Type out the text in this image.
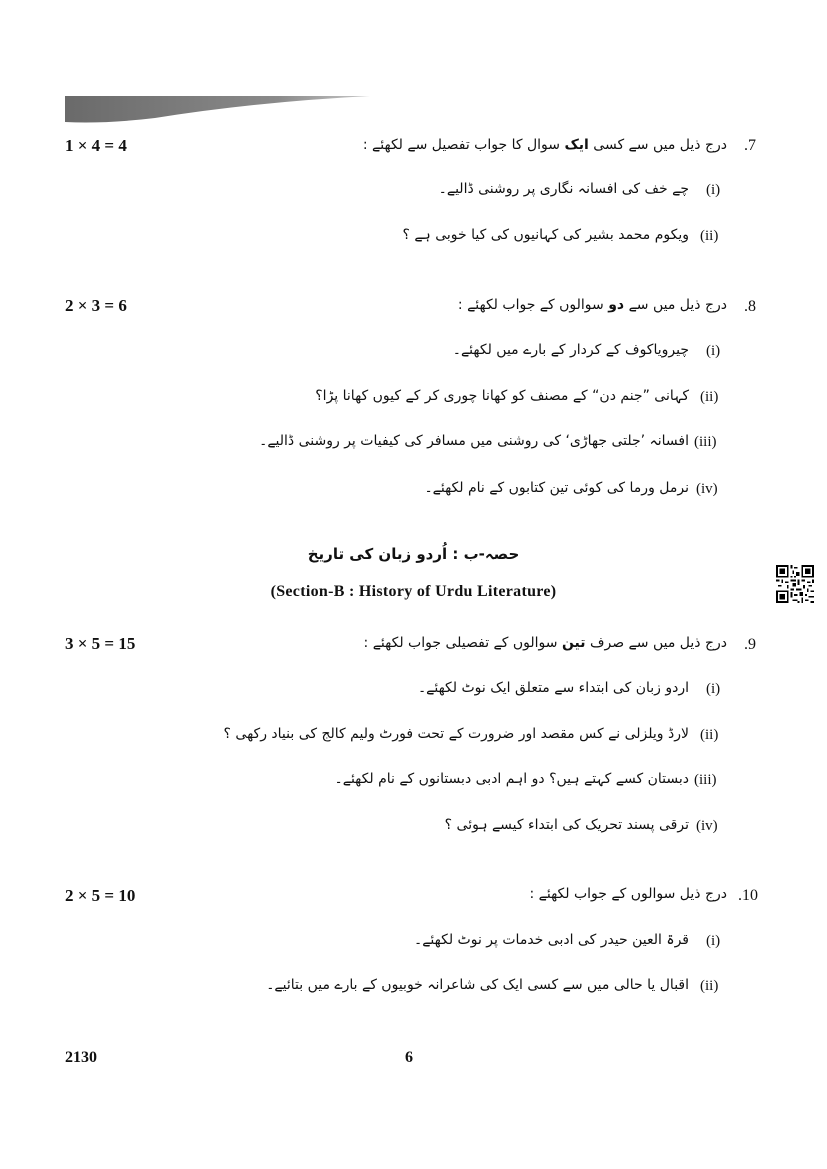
1 × 4 = 4	.7
درج ذیل میں سے کسی ایک سوال کا جواب تفصیل سے لکھئے :
(i)
چے خف کی افسانہ نگاری پر روشنی ڈالیے۔
(ii)
ویکوم محمد بشیر کی کہانیوں کی کیا خوبی ہے ؟
2 × 3 = 6	.8
درج ذیل میں سے دو سوالوں کے جواب لکھئے :
(i)
چیرویاکوف کے کردار کے بارے میں لکھئے۔
(ii)
کہانی ”جنم دن“ کے مصنف کو کھانا چوری کر کے کیوں کھانا پڑا؟
(iii)
افسانہ ’جلتی جھاڑی‘ کی روشنی میں مسافر کی کیفیات پر روشنی ڈالیے۔
(iv)
نرمل ورما کی کوئی تین کتابوں کے نام لکھئے۔
حصہ-ب : اُردو زبان کی تاریخ
(Section-B : History of Urdu Literature)
3 × 5 = 15	.9
درج ذیل میں سے صرف تین سوالوں کے تفصیلی جواب لکھئے :
(i)
اردو زبان کی ابتداء سے متعلق ایک نوٹ لکھئے۔
(ii)
لارڈ ویلزلی نے کس مقصد اور ضرورت کے تحت فورٹ ولیم کالج کی بنیاد رکھی ؟
(iii)
دبستان کسے کہتے ہیں؟ دو اہم ادبی دبستانوں کے نام لکھئے۔
(iv)
ترقی پسند تحریک کی ابتداء کیسے ہوئی ؟
2 × 5 = 10	.10
درج ذیل سوالوں کے جواب لکھئے :
(i)
قرۃ العین حیدر کی ادبی خدمات پر نوٹ لکھئے۔
(ii)
اقبال یا حالی میں سے کسی ایک کی شاعرانہ خوبیوں کے بارے میں بتائیے۔
2130	6
